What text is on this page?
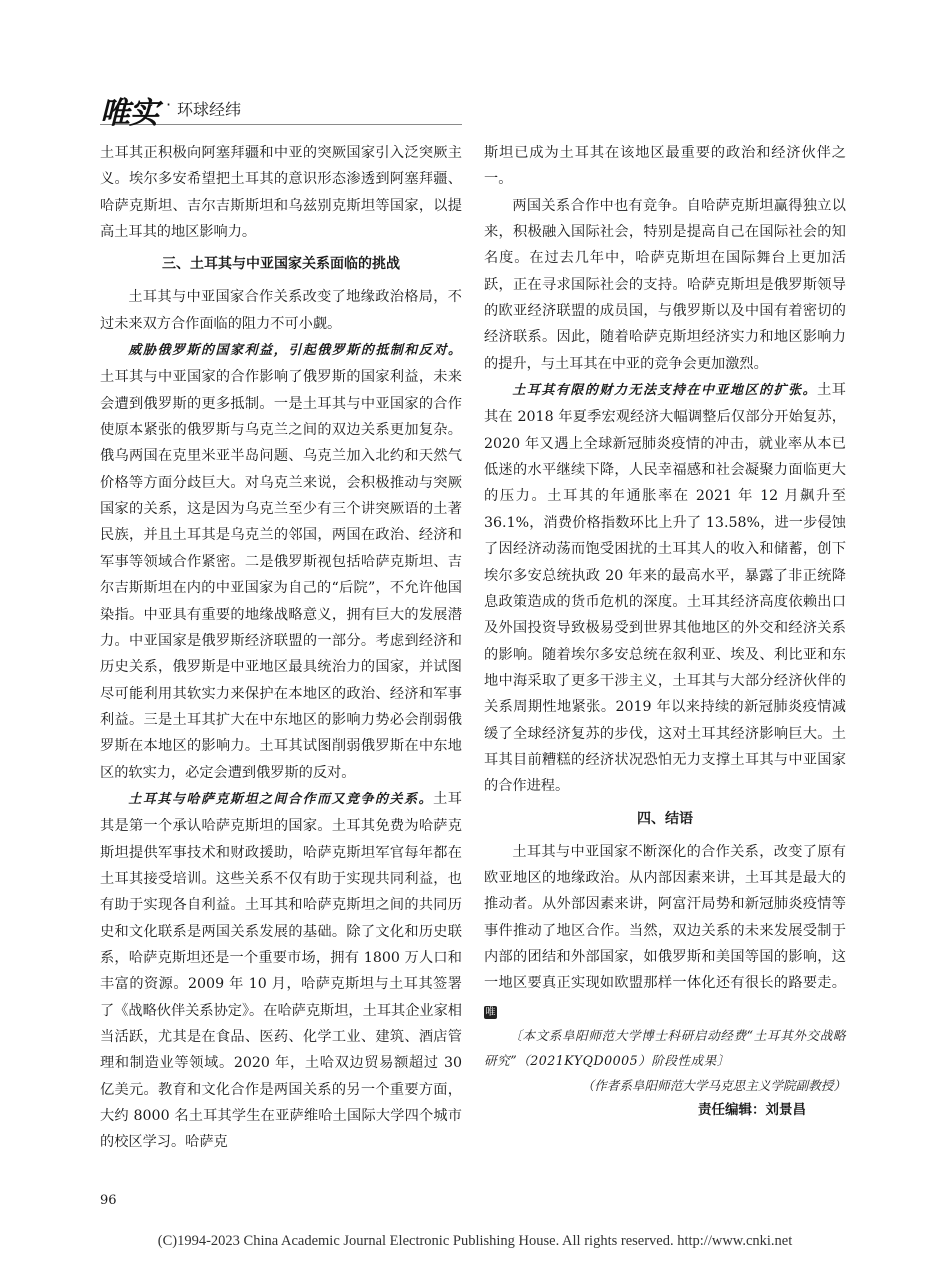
唯实 · 环球经纬

土耳其正积极向阿塞拜疆和中亚的突厥国家引入泛突厥主义。埃尔多安希望把土耳其的意识形态渗透到阿塞拜疆、哈萨克斯坦、吉尔吉斯斯坦和乌兹别克斯坦等国家，以提高土耳其的地区影响力。

三、土耳其与中亚国家关系面临的挑战

土耳其与中亚国家合作关系改变了地缘政治格局，不过未来双方合作面临的阻力不可小觑。

威胁俄罗斯的国家利益，引起俄罗斯的抵制和反对。土耳其与中亚国家的合作影响了俄罗斯的国家利益，未来会遭到俄罗斯的更多抵制。一是土耳其与中亚国家的合作使原本紧张的俄罗斯与乌克兰之间的双边关系更加复杂。俄乌两国在克里米亚半岛问题、乌克兰加入北约和天然气价格等方面分歧巨大。对乌克兰来说，会积极推动与突厥国家的关系，这是因为乌克兰至少有三个讲突厥语的土著民族，并且土耳其是乌克兰的邻国，两国在政治、经济和军事等领域合作紧密。二是俄罗斯视包括哈萨克斯坦、吉尔吉斯斯坦在内的中亚国家为自己的“后院”，不允许他国染指。中亚具有重要的地缘战略意义，拥有巨大的发展潜力。中亚国家是俄罗斯经济联盟的一部分。考虑到经济和历史关系，俄罗斯是中亚地区最具统治力的国家，并试图尽可能利用其软实力来保护在本地区的政治、经济和军事利益。三是土耳其扩大在中东地区的影响力势必会削弱俄罗斯在本地区的影响力。土耳其试图削弱俄罗斯在中东地区的软实力，必定会遭到俄罗斯的反对。

土耳其与哈萨克斯坦之间合作而又竞争的关系。土耳其是第一个承认哈萨克斯坦的国家。土耳其免费为哈萨克斯坦提供军事技术和财政援助，哈萨克斯坦军官每年都在土耳其接受培训。这些关系不仅有助于实现共同利益，也有助于实现各自利益。土耳其和哈萨克斯坦之间的共同历史和文化联系是两国关系发展的基础。除了文化和历史联系，哈萨克斯坦还是一个重要市场，拥有 1800 万人口和丰富的资源。2009 年 10 月，哈萨克斯坦与土耳其签署了《战略伙伴关系协定》。在哈萨克斯坦，土耳其企业家相当活跃，尤其是在食品、医药、化学工业、建筑、酒店管理和制造业等领域。2020 年，土哈双边贸易额超过 30 亿美元。教育和文化合作是两国关系的另一个重要方面，大约 8000 名土耳其学生在亚萨维哈土国际大学四个城市的校区学习。哈萨克

斯坦已成为土耳其在该地区最重要的政治和经济伙伴之一。

两国关系合作中也有竞争。自哈萨克斯坦赢得独立以来，积极融入国际社会，特别是提高自己在国际社会的知名度。在过去几年中，哈萨克斯坦在国际舞台上更加活跃，正在寻求国际社会的支持。哈萨克斯坦是俄罗斯领导的欧亚经济联盟的成员国，与俄罗斯以及中国有着密切的经济联系。因此，随着哈萨克斯坦经济实力和地区影响力的提升，与土耳其在中亚的竞争会更加激烈。

土耳其有限的财力无法支持在中亚地区的扩张。土耳其在 2018 年夏季宏观经济大幅调整后仅部分开始复苏，2020 年又遇上全球新冠肺炎疫情的冲击，就业率从本已低迷的水平继续下降，人民幸福感和社会凝聚力面临更大的压力。土耳其的年通胀率在 2021 年 12 月飙升至 36.1%，消费价格指数环比上升了 13.58%，进一步侵蚀了因经济动荡而饱受困扰的土耳其人的收入和储蓄，创下埃尔多安总统执政 20 年来的最高水平，暴露了非正统降息政策造成的货币危机的深度。土耳其经济高度依赖出口及外国投资导致极易受到世界其他地区的外交和经济关系的影响。随着埃尔多安总统在叙利亚、埃及、利比亚和东地中海采取了更多干涉主义，土耳其与大部分经济伙伴的关系周期性地紧张。2019 年以来持续的新冠肺炎疫情减缓了全球经济复苏的步伐，这对土耳其经济影响巨大。土耳其目前糟糕的经济状况恐怕无力支撑土耳其与中亚国家的合作进程。

四、结语

土耳其与中亚国家不断深化的合作关系，改变了原有欧亚地区的地缘政治。从内部因素来讲，土耳其是最大的推动者。从外部因素来讲，阿富汗局势和新冠肺炎疫情等事件推动了地区合作。当然，双边关系的未来发展受制于内部的团结和外部国家，如俄罗斯和美国等国的影响，这一地区要真正实现如欧盟那样一体化还有很长的路要走。唯

〔本文系阜阳师范大学博士科研启动经费“土耳其外交战略研究”（2021KYQD0005）阶段性成果〕

（作者系阜阳师范大学马克思主义学院副教授）

责任编辑：刘景昌

96
(C)1994-2023 China Academic Journal Electronic Publishing House. All rights reserved. http://www.cnki.net
